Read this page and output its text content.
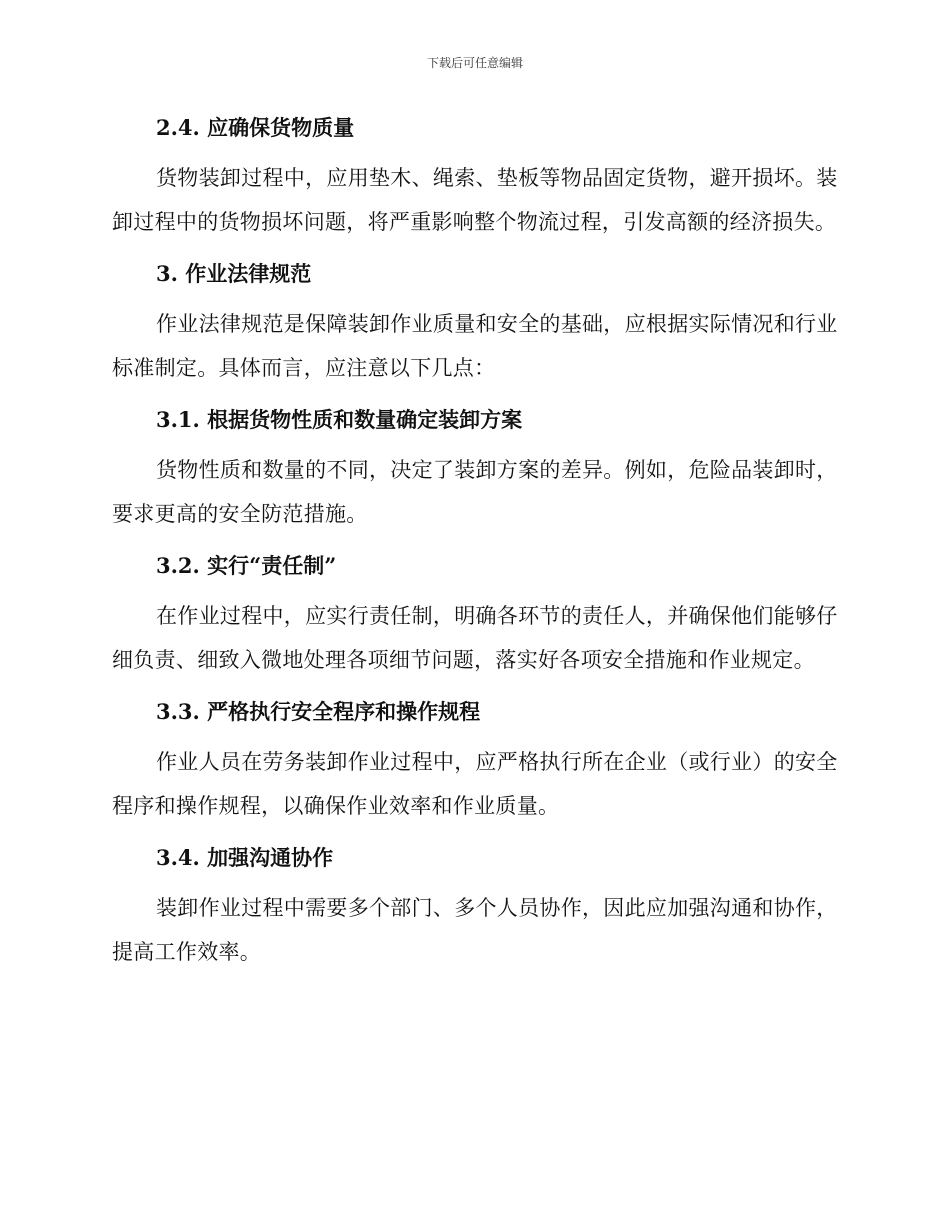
下载后可任意编辑
2.4. 应确保货物质量

货物装卸过程中，应用垫木、绳索、垫板等物品固定货物，避开损坏。装卸过程中的货物损坏问题，将严重影响整个物流过程，引发高额的经济损失。

3. 作业法律规范

作业法律规范是保障装卸作业质量和安全的基础，应根据实际情况和行业标准制定。具体而言，应注意以下几点：

3.1. 根据货物性质和数量确定装卸方案

货物性质和数量的不同，决定了装卸方案的差异。例如，危险品装卸时，要求更高的安全防范措施。

3.2. 实行“责任制”

在作业过程中，应实行责任制，明确各环节的责任人，并确保他们能够仔细负责、细致入微地处理各项细节问题，落实好各项安全措施和作业规定。

3.3. 严格执行安全程序和操作规程

作业人员在劳务装卸作业过程中，应严格执行所在企业（或行业）的安全程序和操作规程，以确保作业效率和作业质量。

3.4. 加强沟通协作

装卸作业过程中需要多个部门、多个人员协作，因此应加强沟通和协作，提高工作效率。
